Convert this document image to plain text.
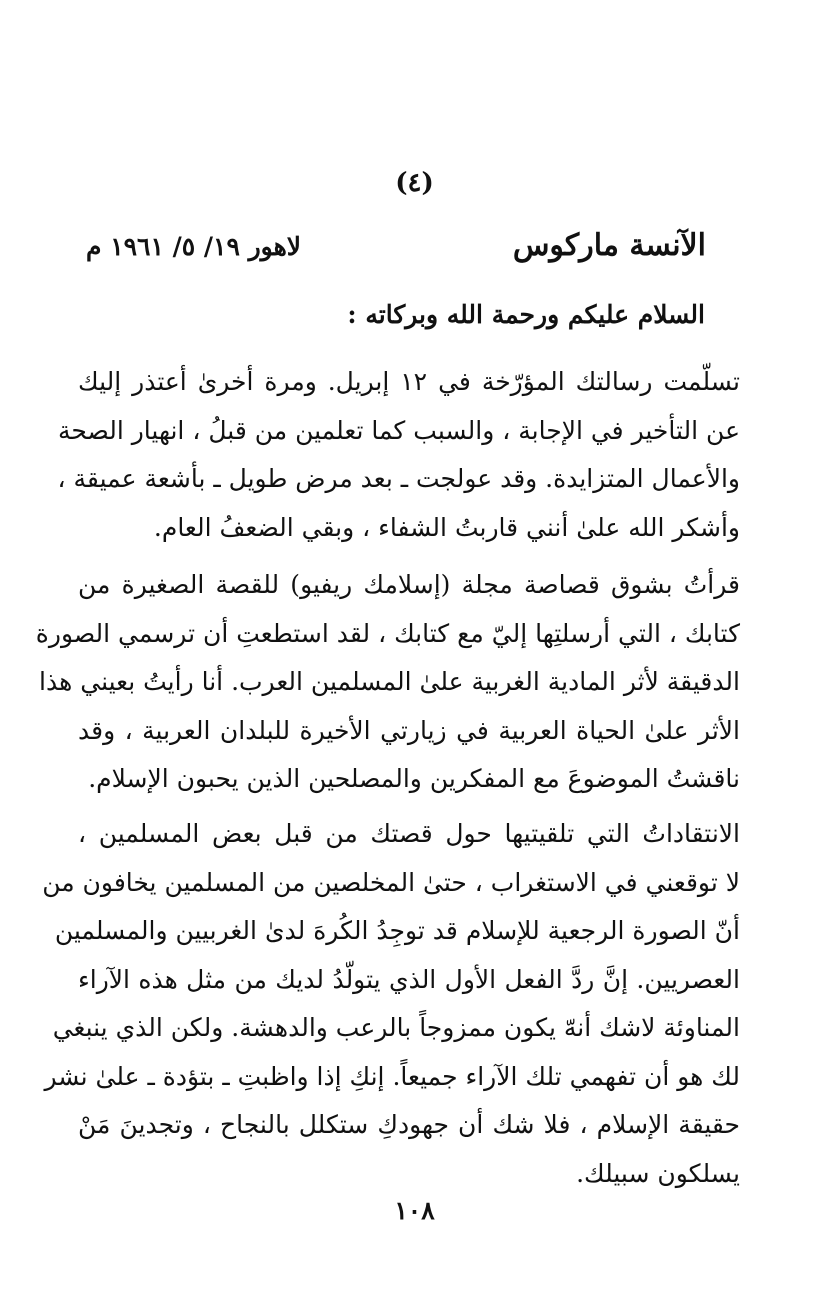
(٤)
الآنسة ماركوس
لاهور ١٩/ ٥/ ١٩٦١ م
السلام عليكم ورحمة الله وبركاته :
تسلّمت رسالتك المؤرّخة في ١٢ إبريل. ومرة أخرىٰ أعتذر إليك
عن التأخير في الإجابة ، والسبب كما تعلمين من قبلُ ، انهيار الصحة
والأعمال المتزايدة. وقد عولجت ـ بعد مرض طويل ـ بأشعة عميقة ،
وأشكر الله علىٰ أنني قاربتُ الشفاء ، وبقي الضعفُ العام.
قرأتُ بشوق قصاصة مجلة (إسلامك ريفيو) للقصة الصغيرة من
كتابك ، التي أرسلتِها إليّ مع كتابك ، لقد استطعتِ أن ترسمي الصورة
الدقيقة لأثر المادية الغربية علىٰ المسلمين العرب. أنا رأيتُ بعيني هذا
الأثر علىٰ الحياة العربية في زيارتي الأخيرة للبلدان العربية ، وقد
ناقشتُ الموضوعَ مع المفكرين والمصلحين الذين يحبون الإسلام.
الانتقاداتُ التي تلقيتيها حول قصتك من قبل بعض المسلمين ،
لا توقعني في الاستغراب ، حتىٰ المخلصين من المسلمين يخافون من
أنّ الصورة الرجعية للإسلام قد توجِدُ الكُرهَ لدىٰ الغربيين والمسلمين
العصريين. إنَّ ردَّ الفعل الأول الذي يتولّدُ لديك من مثل هذه الآراء
المناوئة لاشك أنهّ يكون ممزوجاً بالرعب والدهشة. ولكن الذي ينبغي
لك هو أن تفهمي تلك الآراء جميعاً. إنكِ إذا واظبتِ ـ بتؤدة ـ علىٰ نشر
حقيقة الإسلام ، فلا شك أن جهودكِ ستكلل بالنجاح ، وتجدينَ مَنْ
يسلكون سبيلك.
١٠٨
